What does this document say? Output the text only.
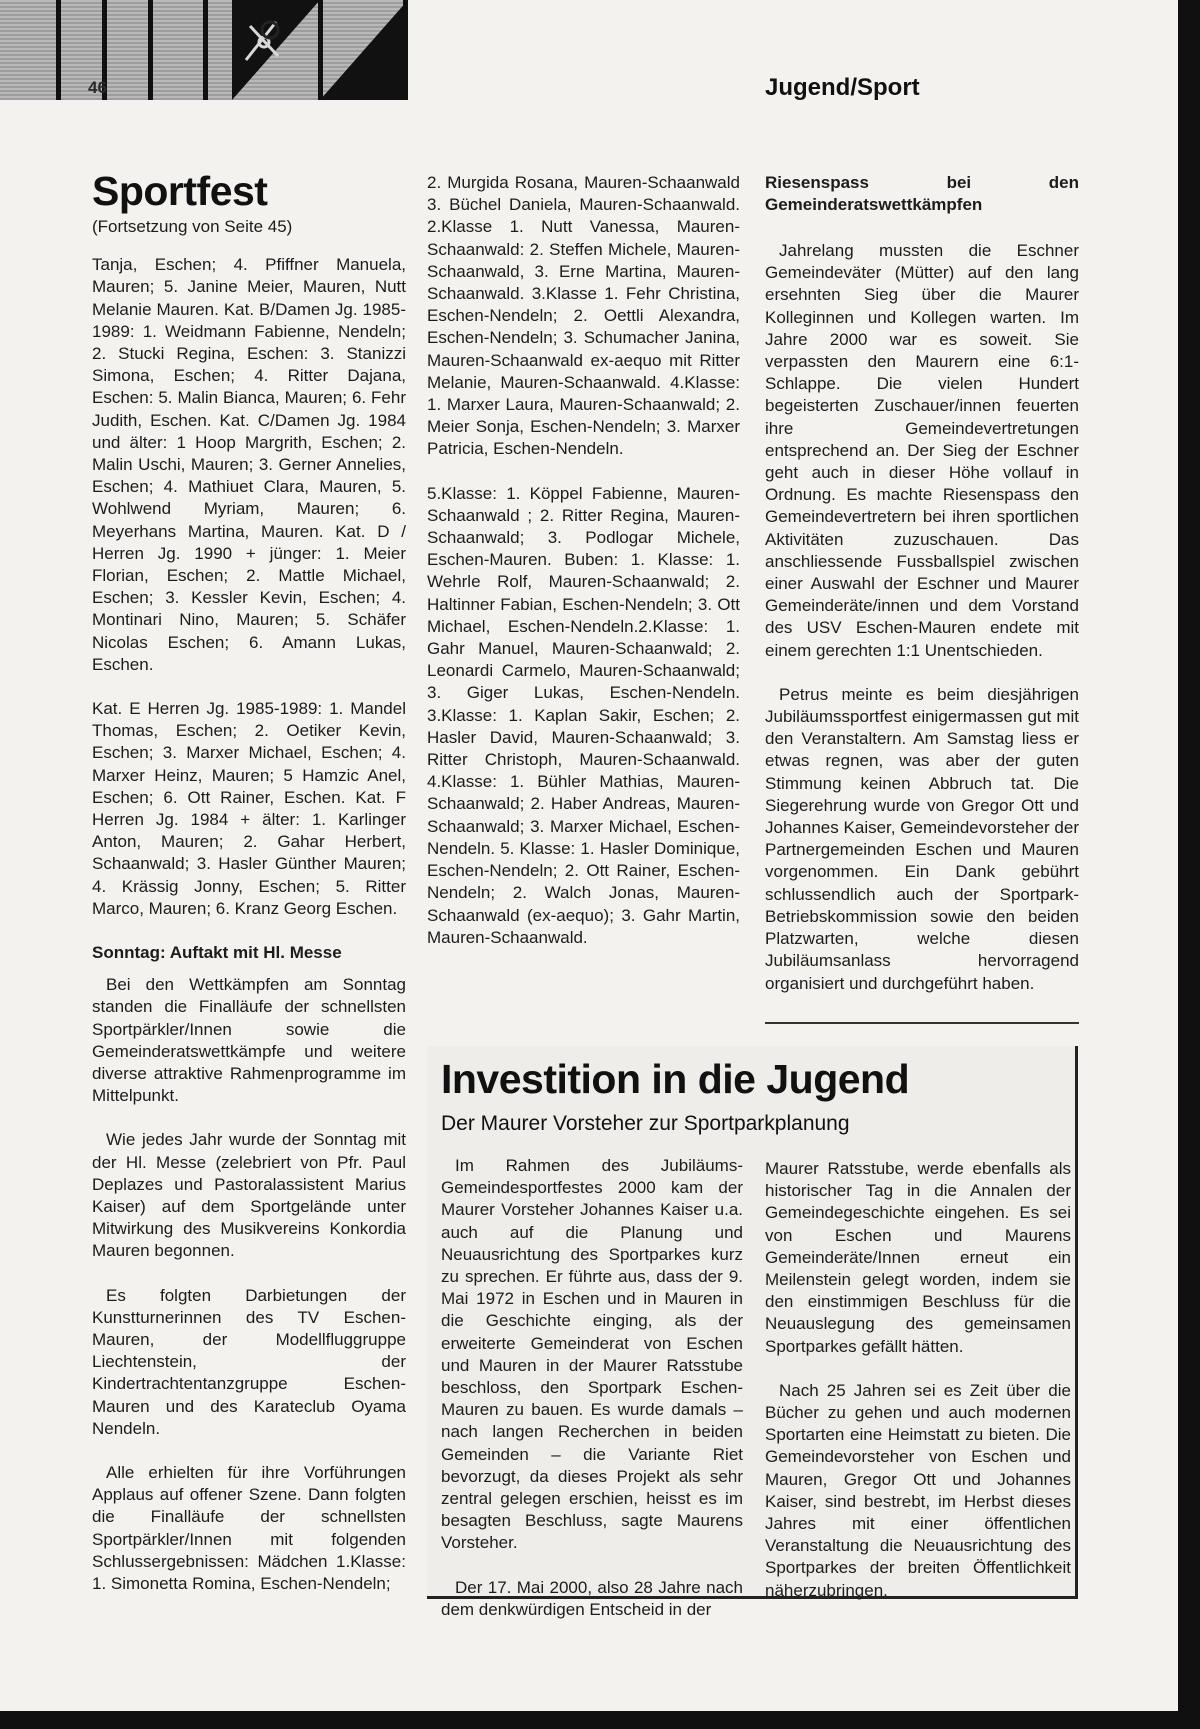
46	Jugend/Sport
Sportfest

(Fortsetzung von Seite 45)

Tanja, Eschen; 4. Pfiffner Manuela, Mauren; 5. Janine Meier, Mauren, Nutt Melanie Mauren. Kat. B/Damen Jg. 1985-1989: 1. Weidmann Fabienne, Nendeln; 2. Stucki Regina, Eschen: 3. Stanizzi Simona, Eschen; 4. Ritter Dajana, Eschen: 5. Malin Bianca, Mauren; 6. Fehr Judith, Eschen. Kat. C/Damen Jg. 1984 und älter: 1 Hoop Margrith, Eschen; 2. Malin Uschi, Mauren; 3. Gerner Annelies, Eschen; 4. Mathiuet Clara, Mauren, 5. Wohlwend Myriam, Mauren; 6. Meyerhans Martina, Mauren. Kat. D / Herren Jg. 1990 + jünger: 1. Meier Florian, Eschen; 2. Mattle Michael, Eschen; 3. Kessler Kevin, Eschen; 4. Montinari Nino, Mauren; 5. Schäfer Nicolas Eschen; 6. Amann Lukas, Eschen.

Kat. E Herren Jg. 1985-1989: 1. Mandel Thomas, Eschen; 2. Oetiker Kevin, Eschen; 3. Marxer Michael, Eschen; 4. Marxer Heinz, Mauren; 5 Hamzic Anel, Eschen; 6. Ott Rainer, Eschen. Kat. F Herren Jg. 1984 + älter: 1. Karlinger Anton, Mauren; 2. Gahar Herbert, Schaanwald; 3. Hasler Günther Mauren; 4. Krässig Jonny, Eschen; 5. Ritter Marco, Mauren; 6. Kranz Georg Eschen.

Sonntag: Auftakt mit Hl. Messe

Bei den Wettkämpfen am Sonntag standen die Finalläufe der schnellsten Sportpärkler/Innen sowie die Gemeinderatswettkämpfe und weitere diverse attraktive Rahmenprogramme im Mittelpunkt.

Wie jedes Jahr wurde der Sonntag mit der Hl. Messe (zelebriert von Pfr. Paul Deplazes und Pastoralassistent Marius Kaiser) auf dem Sportgelände unter Mitwirkung des Musikvereins Konkordia Mauren begonnen.

Es folgten Darbietungen der Kunstturnerinnen des TV Eschen-Mauren, der Modellfluggruppe Liechtenstein, der Kindertrachtentanzgruppe Eschen-Mauren und des Karateclub Oyama Nendeln.

Alle erhielten für ihre Vorführungen Applaus auf offener Szene. Dann folgten die Finalläufe der schnellsten Sportpärkler/Innen mit folgenden Schlussergebnissen: Mädchen 1.Klasse: 1. Simonetta Romina, Eschen-Nendeln;

2. Murgida Rosana, Mauren-Schaanwald 3. Büchel Daniela, Mauren-Schaanwald. 2.Klasse 1. Nutt Vanessa, Mauren-Schaanwald: 2. Steffen Michele, Mauren-Schaanwald, 3. Erne Martina, Mauren-Schaanwald. 3.Klasse 1. Fehr Christina, Eschen-Nendeln; 2. Oettli Alexandra, Eschen-Nendeln; 3. Schumacher Janina, Mauren-Schaanwald ex-aequo mit Ritter Melanie, Mauren-Schaanwald. 4.Klasse: 1. Marxer Laura, Mauren-Schaanwald; 2. Meier Sonja, Eschen-Nendeln; 3. Marxer Patricia, Eschen-Nendeln.

5.Klasse: 1. Köppel Fabienne, Mauren-Schaanwald ; 2. Ritter Regina, Mauren-Schaanwald; 3. Podlogar Michele, Eschen-Mauren. Buben: 1. Klasse: 1. Wehrle Rolf, Mauren-Schaanwald; 2. Haltinner Fabian, Eschen-Nendeln; 3. Ott Michael, Eschen-Nendeln.2.Klasse: 1. Gahr Manuel, Mauren-Schaanwald; 2. Leonardi Carmelo, Mauren-Schaanwald; 3. Giger Lukas, Eschen-Nendeln. 3.Klasse: 1. Kaplan Sakir, Eschen; 2. Hasler David, Mauren-Schaanwald; 3. Ritter Christoph, Mauren-Schaanwald. 4.Klasse: 1. Bühler Mathias, Mauren-Schaanwald; 2. Haber Andreas, Mauren-Schaanwald; 3. Marxer Michael, Eschen-Nendeln. 5. Klasse: 1. Hasler Dominique, Eschen-Nendeln; 2. Ott Rainer, Eschen-Nendeln; 2. Walch Jonas, Mauren-Schaanwald (ex-aequo); 3. Gahr Martin, Mauren-Schaanwald.

Riesenspass bei den Gemeinderatswettkämpfen

Jahrelang mussten die Eschner Gemeindeväter (Mütter) auf den lang ersehnten Sieg über die Maurer Kolleginnen und Kollegen warten. Im Jahre 2000 war es soweit. Sie verpassten den Maurern eine 6:1-Schlappe. Die vielen Hundert begeisterten Zuschauer/innen feuerten ihre Gemeindevertretungen entsprechend an. Der Sieg der Eschner geht auch in dieser Höhe vollauf in Ordnung. Es machte Riesenspass den Gemeindevertretern bei ihren sportlichen Aktivitäten zuzuschauen. Das anschliessende Fussballspiel zwischen einer Auswahl der Eschner und Maurer Gemeinderäte/innen und dem Vorstand des USV Eschen-Mauren endete mit einem gerechten 1:1 Unentschieden.

Petrus meinte es beim diesjährigen Jubiläumssportfest einigermassen gut mit den Veranstaltern. Am Samstag liess er etwas regnen, was aber der guten Stimmung keinen Abbruch tat. Die Siegerehrung wurde von Gregor Ott und Johannes Kaiser, Gemeindevorsteher der Partnergemeinden Eschen und Mauren vorgenommen. Ein Dank gebührt schlussendlich auch der Sportpark-Betriebskommission sowie den beiden Platzwarten, welche diesen Jubiläumsanlass hervorragend organisiert und durchgeführt haben.

Investition in die Jugend
Der Maurer Vorsteher zur Sportparkplanung

Im Rahmen des Jubiläums-Gemeindesportfestes 2000 kam der Maurer Vorsteher Johannes Kaiser u.a. auch auf die Planung und Neuausrichtung des Sportparkes kurz zu sprechen. Er führte aus, dass der 9. Mai 1972 in Eschen und in Mauren in die Geschichte einging, als der erweiterte Gemeinderat von Eschen und Mauren in der Maurer Ratsstube beschloss, den Sportpark Eschen-Mauren zu bauen. Es wurde damals – nach langen Recherchen in beiden Gemeinden – die Variante Riet bevorzugt, da dieses Projekt als sehr zentral gelegen erschien, heisst es im besagten Beschluss, sagte Maurens Vorsteher.

Der 17. Mai 2000, also 28 Jahre nach dem denkwürdigen Entscheid in der

Maurer Ratsstube, werde ebenfalls als historischer Tag in die Annalen der Gemeindegeschichte eingehen. Es sei von Eschen und Maurens Gemeinderäte/Innen erneut ein Meilenstein gelegt worden, indem sie den einstimmigen Beschluss für die Neuauslegung des gemeinsamen Sportparkes gefällt hätten.

Nach 25 Jahren sei es Zeit über die Bücher zu gehen und auch modernen Sportarten eine Heimstatt zu bieten. Die Gemeindevorsteher von Eschen und Mauren, Gregor Ott und Johannes Kaiser, sind bestrebt, im Herbst dieses Jahres mit einer öffentlichen Veranstaltung die Neuausrichtung des Sportparkes der breiten Öffentlichkeit näherzubringen.
